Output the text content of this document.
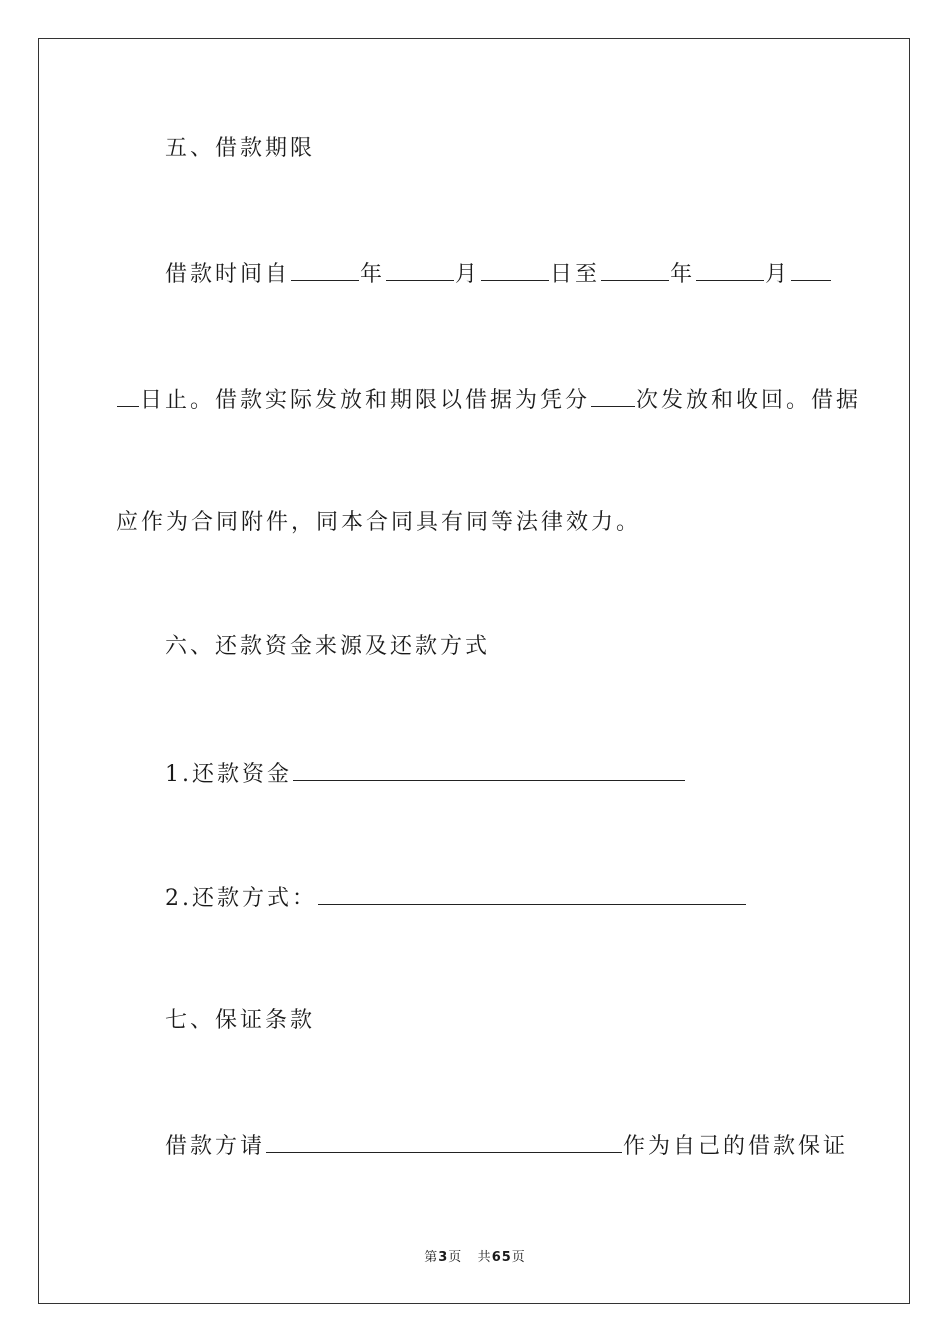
五、借款期限
借款时间自	年	月	日至	年	月
日止。借款实际发放和期限以借据为凭分 次发放和收回。借据
应作为合同附件，同本合同具有同等法律效力。
六、还款资金来源及还款方式
1.还款资金
2.还款方式：
七、保证条款
借款方请	作为自己的借款保证
第3页 共65页
